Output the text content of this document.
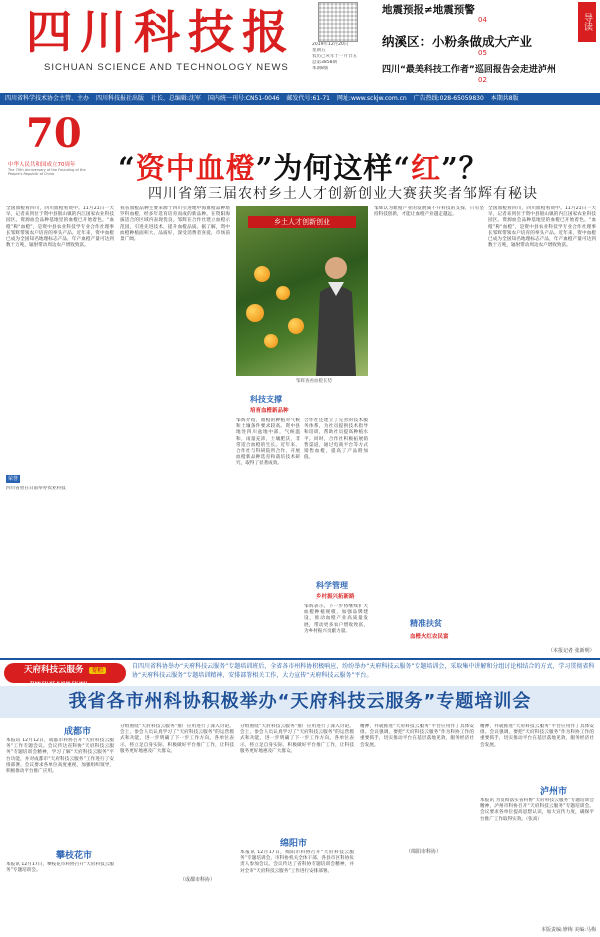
四川科技报
SICHUAN SCIENCE AND TECHNOLOGY NEWS
2019年12月20日
星期五
农历己亥年十一月廿五
总第3858期
本期8版
导读
地震预报≠地震预警
04
纳溪区：小粉条做成大产业
05
四川“最美科技工作者”巡回报告会走进泸州
02
四川省科学技术协会主管、主办 四川科技报社出版 社长、总编辑:沈军 国内统一刊号:CN51-0046 邮发代号:61-71 网址:www.sckjw.com.cn 广告热线:028-65059830 本期共8版
70
中华人民共和国成立70周年
The 70th Anniversary of the Founding of the People's Republic of China	“资中血橙”为何这样“红”？
四川省第三届农村乡土人才创新创业大赛获奖者邹辉有秘诀
全国血橙看四川，四川血橙看资中。11月21日一大早，记者来到位于资中县银山镇的内江国家农业科技园区。资源血会品种基地里的血橙已开始着色。“血橙”称“血橙”，是资中县农业科技学专业合作社理事长邹辉带领农户培育的拳头产品。近年来，资中血橙已成为全国知名地理标志产品，年产血橙产量可达到数十万吨，辐射带动周边农户增收致富。
荣誉
四川省曾在日前举办农业科技
我省血橙品种主要来源于四川引进地中海血橙品种塔罗科血橙，经多年选育培育而成的新品种。在资阳海拔适合的区域内表现优良。邹辉在合作社建立血橙示范园，引进先进技术，提升血橙品质。据了解，资中血橙种植面积大，品质好，深受消费者喜爱，市场前景广阔。
乡土人才创新创业
邹辉查看血橙长势
科技支撑
培育血橙新品种
邹辉介绍，血橙的种植对气候和土壤条件要求较高。资中县地处四川盆地中部，气候温和，雨量充沛，土壤肥沃，非常适合血橙的生长。近年来，合作社与科研院所合作，开展血橙新品种选育和栽培技术研究，取得了显著成效。
合作社还建立了完善的技术服务体系，为社员提供技术指导和培训，帮助社员提高种植水平。同时，合作社积极拓展销售渠道，通过电商平台等方式销售血橙，提高了产品附加值。
科学管理
乡村振兴拓新路
邹辉表示，下一步将继续扩大血橙种植规模，加强品牌建设，推动血橙产业高质量发展，带动更多农户增收致富，为乡村振兴贡献力量。
邹辉认为血橙产业的发展离不开科技的支撑，只有坚持科技创新，才能让血橙产业越走越远。
精准扶贫
血橙火红农民富
全国血橙看四川，四川血橙看资中。11月21日一大早，记者来到位于资中县银山镇的内江国家农业科技园区。资源血会品种基地里的血橙已开始着色。“血橙”称“血橙”，是资中县农业科技学专业合作社理事长邹辉带领农户培育的拳头产品。近年来，资中血橙已成为全国知名地理标志产品，年产血橙产量可达到数十万吨，辐射带动周边农户增收致富。
（本报记者 张新明）
天府科技云服务 专栏
TIAN FU KE JI YUN FU WU
自四川省科协举办“天府科技云服务”专题培训班后，全省各市州科协积极响应，纷纷举办“天府科技云服务”专题培训会，采取集中讲解和分组讨论相结合的方式，学习贯彻省科协“天府科技云服务”专题培训精神，安排部署相关工作，大力宣传“天府科技云服务”平台。
我省各市州科协积极举办“天府科技云服务”专题培训会
成都市
本报讯 12月12日，成都市科协召开“天府科技云服务”工作专题会议。会议传达省科协“天府科技云服务”专题培训会精神，学习了解“天府科技云服务”平台功能，并对成都市“天府科技云服务”工作进行了安排部署。会议要求各单位高度重视，加强组织领导，积极推动平台推广应用。
攀枝花市
本报讯 12月17日，攀枝花市科协召开“天府科技云服务”专题培训会。
分组围绕“天府科技云服务”推广应用进行了深入讨论。会上，参会人员认真学习了“天府科技云服务”的运营模式和功能，进一步明确了下一步工作方向。各单位表示，将立足自身实际，积极做好平台推广工作，让科技服务更好地惠及广大群众。
（成都市科协）
分组围绕“天府科技云服务”推广应用进行了深入讨论。会上，参会人员认真学习了“天府科技云服务”的运营模式和功能，进一步明确了下一步工作方向。各单位表示，将立足自身实际，积极做好平台推广工作，让科技服务更好地惠及广大群众。
绵阳市
本报讯 12月17日，绵阳市科协召开“天府科技云服务”专题培训会，市科协机关全体干部、各县市区科协负责人参加会议。会议传达了省科协专题培训会精神，并对全市“天府科技云服务”工作进行安排部署。
精神，并就推进“天府科技云服务”平台应用作了具体安排。会议强调，要把“天府科技云服务”作为科协工作的重要抓手，切实推动平台在基层落地见效，服务经济社会发展。
（绵阳市科协）
泸州市
精神，并就推进“天府科技云服务”平台应用作了具体安排。会议强调，要把“天府科技云服务”作为科协工作的重要抓手，切实推动平台在基层落地见效，服务经济社会发展。
本报讯 为贯彻落实省科协“天府科技云服务”专题培训会精神，泸州市科协召开“天府科技云服务”专题培训会。会议要求各单位提高思想认识，加大宣传力度，确保平台推广工作取得实效。（张高）
本版责编:廖梅 美编:马梅
